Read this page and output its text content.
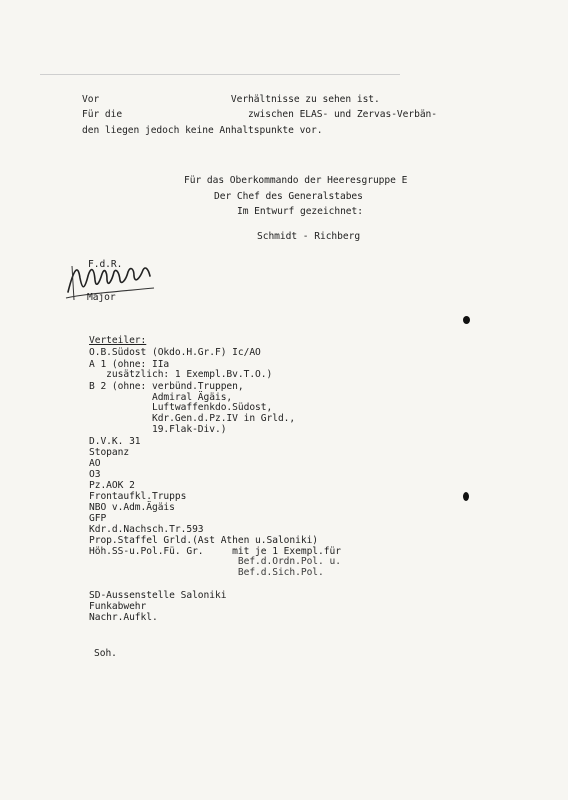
Vor                       Verhältnisse zu sehen ist.
Für die                      zwischen ELAS- und Zervas-Verbän-
den liegen jedoch keine Anhaltspunkte vor.
Für das Oberkommando der Heeresgruppe E
Der Chef des Generalstabes
Im Entwurf gezeichnet:
Schmidt - Richberg
F.d.R.
Major
Verteiler:
O.B.Südost (Okdo.H.Gr.F) Ic/AO
A 1 (ohne: IIa
zusätzlich: 1 Exempl.Bv.T.O.)
B 2 (ohne: verbünd.Truppen,
Admiral Ägäis,
Luftwaffenkdo.Südost,
Kdr.Gen.d.Pz.IV in Grld.,
19.Flak-Div.)
D.V.K. 31
Stopanz
AO
O3
Pz.AOK 2
Frontaufkl.Trupps
NBO v.Adm.Ägäis
GFP
Kdr.d.Nachsch.Tr.593
Prop.Staffel Grld.(Ast Athen u.Saloniki)
Höh.SS-u.Pol.Fü. Gr.     mit je 1 Exempl.für
Bef.d.Ordn.Pol. u.
Bef.d.Sich.Pol.
SD-Aussenstelle Saloniki
Funkabwehr
Nachr.Aufkl.
Soh.
